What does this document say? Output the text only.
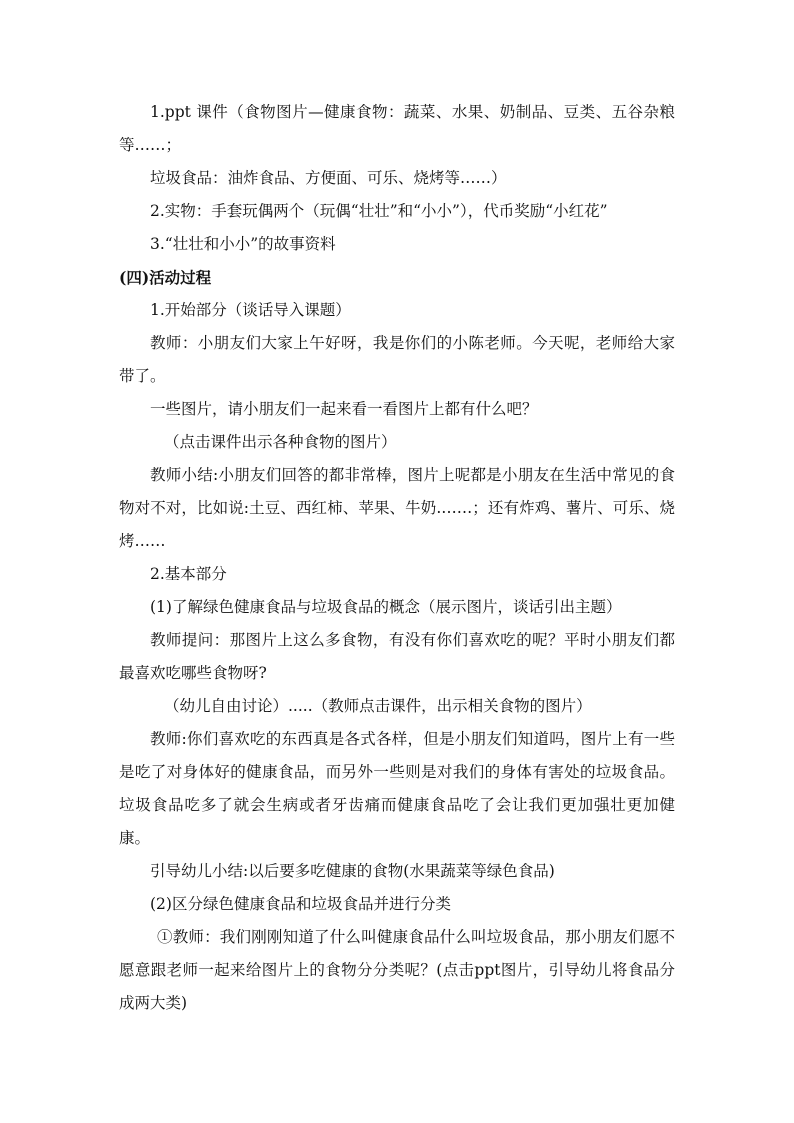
1.ppt 课件（食物图片—健康食物：蔬菜、水果、奶制品、豆类、五谷杂粮等……；

垃圾食品：油炸食品、方便面、可乐、烧烤等……）

2.实物：手套玩偶两个（玩偶“壮壮”和“小小”），代币奖励“小红花”

3.“壮壮和小小”的故事资料

(四)活动过程

1.开始部分（谈话导入课题）

教师：小朋友们大家上午好呀，我是你们的小陈老师。今天呢，老师给大家带了。

一些图片，请小朋友们一起来看一看图片上都有什么吧？

（点击课件出示各种食物的图片）

教师小结:小朋友们回答的都非常棒，图片上呢都是小朋友在生活中常见的食物对不对，比如说:土豆、西红柿、苹果、牛奶.……；还有炸鸡、薯片、可乐、烧烤……

2.基本部分

(1)了解绿色健康食品与垃圾食品的概念（展示图片，谈话引出主题）

教师提问：那图片上这么多食物，有没有你们喜欢吃的呢？平时小朋友们都最喜欢吃哪些食物呀?

（幼儿自由讨论）.....（教师点击课件，出示相关食物的图片）

教师:你们喜欢吃的东西真是各式各样，但是小朋友们知道吗，图片上有一些是吃了对身体好的健康食品，而另外一些则是对我们的身体有害处的垃圾食品。垃圾食品吃多了就会生病或者牙齿痛而健康食品吃了会让我们更加强壮更加健康。

引导幼儿小结:以后要多吃健康的食物(水果蔬菜等绿色食品)

(2)区分绿色健康食品和垃圾食品并进行分类

①教师：我们刚刚知道了什么叫健康食品什么叫垃圾食品，那小朋友们愿不愿意跟老师一起来给图片上的食物分分类呢？(点击ppt图片，引导幼儿将食品分成两大类)
